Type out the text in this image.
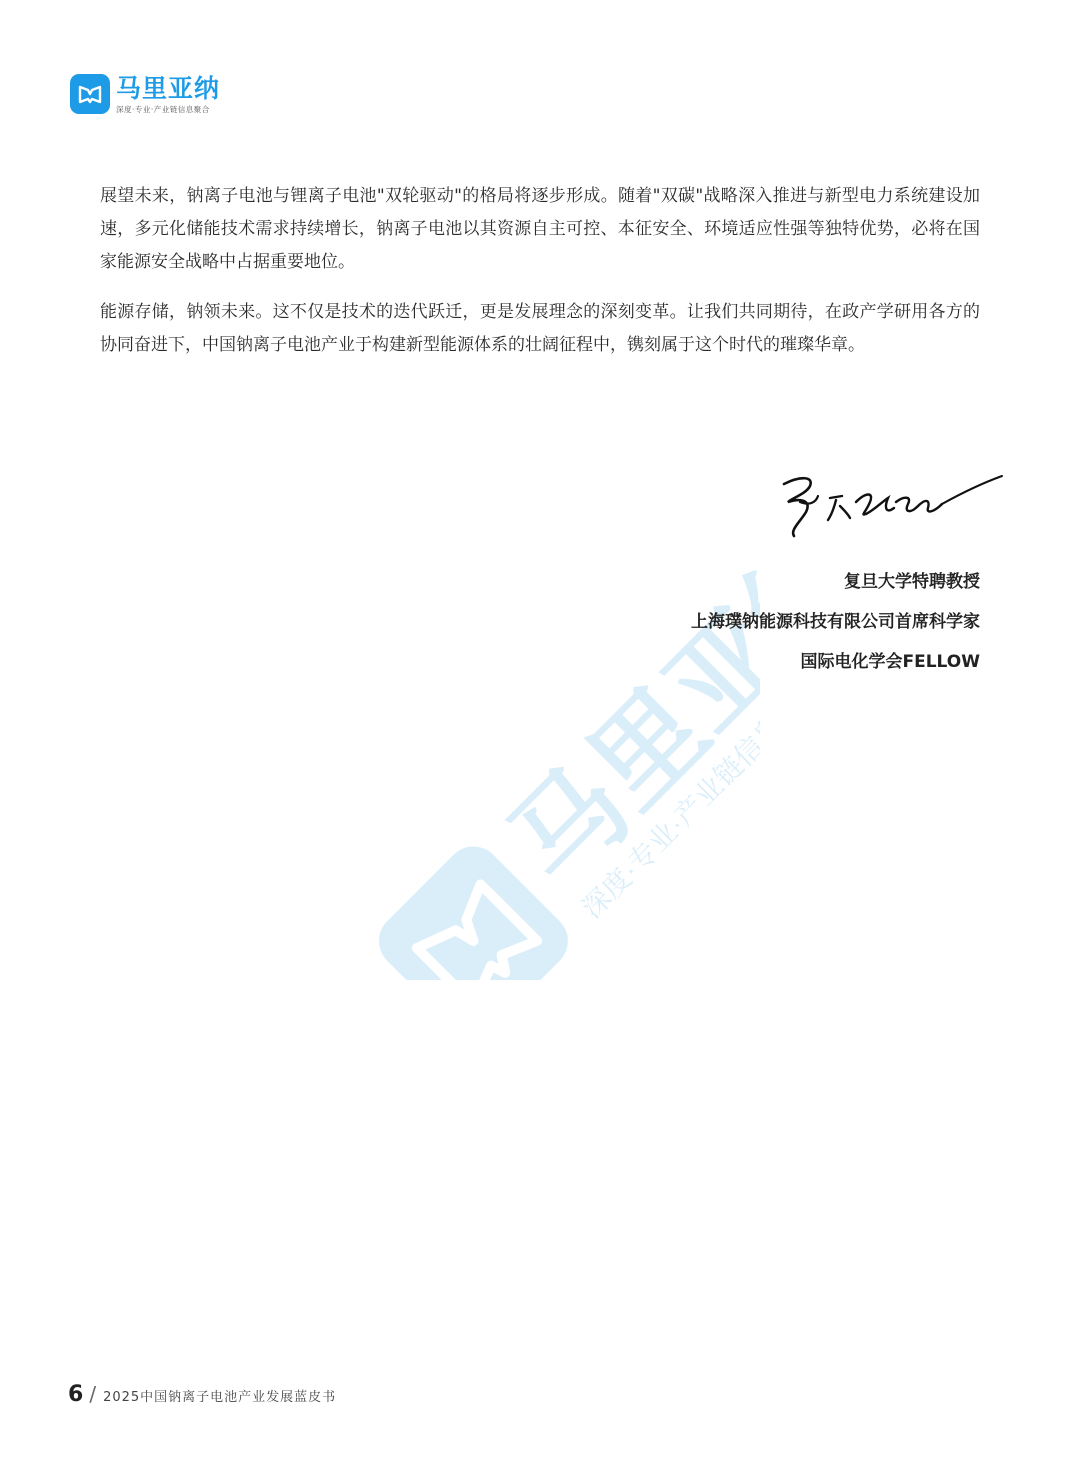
马里亚纳
深度·专业·产业链信息聚合
马里亚纳
深度·专业·产业链信息聚合

展望未来，钠离子电池与锂离子电池"双轮驱动"的格局将逐步形成。随着"双碳"战略深入推进与新型电力系统建设加速，多元化储能技术需求持续增长，钠离子电池以其资源自主可控、本征安全、环境适应性强等独特优势，必将在国家能源安全战略中占据重要地位。

能源存储，钠领未来。这不仅是技术的迭代跃迁，更是发展理念的深刻变革。让我们共同期待，在政产学研用各方的协同奋进下，中国钠离子电池产业于构建新型能源体系的壮阔征程中，镌刻属于这个时代的璀璨华章。

复旦大学特聘教授
上海璞钠能源科技有限公司首席科学家
国际电化学会FELLOW
6 / 2025中国钠离子电池产业发展蓝皮书
